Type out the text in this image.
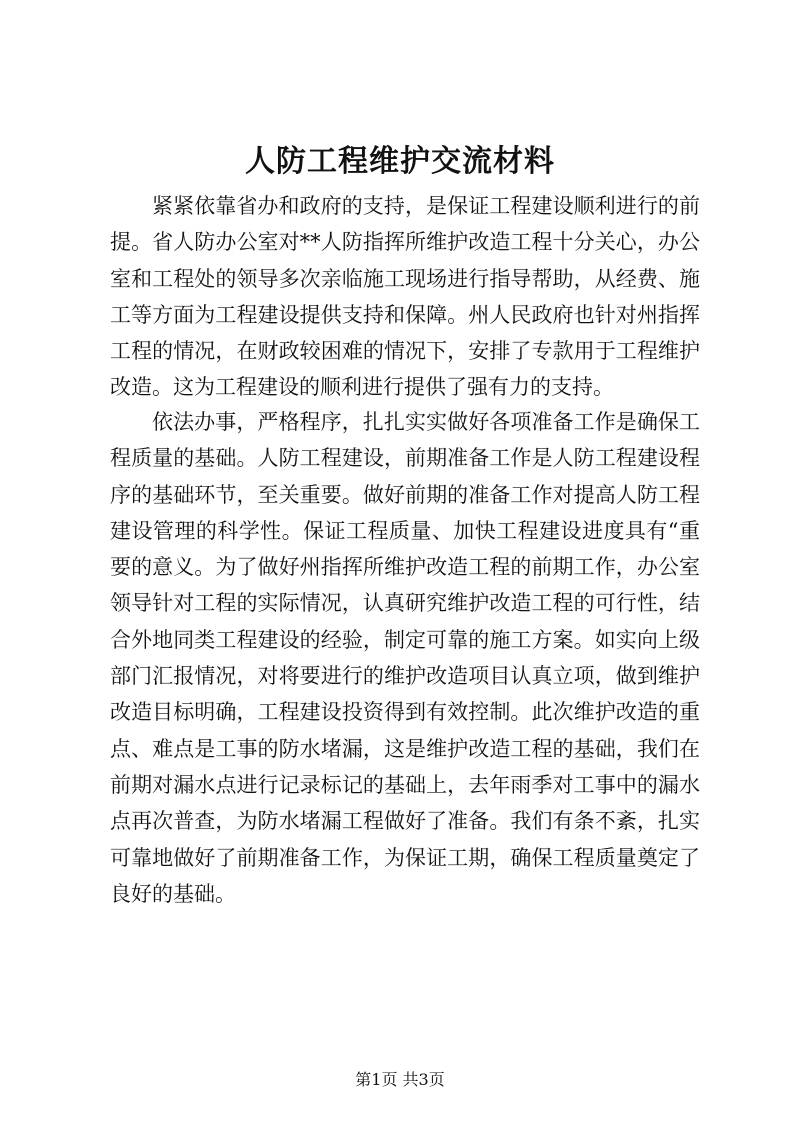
人防工程维护交流材料

紧紧依靠省办和政府的支持，是保证工程建设顺利进行的前提。省人防办公室对**人防指挥所维护改造工程十分关心，办公室和工程处的领导多次亲临施工现场进行指导帮助，从经费、施工等方面为工程建设提供支持和保障。州人民政府也针对州指挥工程的情况，在财政较困难的情况下，安排了专款用于工程维护改造。这为工程建设的顺利进行提供了强有力的支持。

依法办事，严格程序，扎扎实实做好各项准备工作是确保工程质量的基础。人防工程建设，前期准备工作是人防工程建设程序的基础环节，至关重要。做好前期的准备工作对提高人防工程建设管理的科学性。保证工程质量、加快工程建设进度具有“重要的意义。为了做好州指挥所维护改造工程的前期工作，办公室领导针对工程的实际情况，认真研究维护改造工程的可行性，结合外地同类工程建设的经验，制定可靠的施工方案。如实向上级部门汇报情况，对将要进行的维护改造项目认真立项，做到维护改造目标明确，工程建设投资得到有效控制。此次维护改造的重点、难点是工事的防水堵漏，这是维护改造工程的基础，我们在前期对漏水点进行记录标记的基础上，去年雨季对工事中的漏水点再次普查，为防水堵漏工程做好了准备。我们有条不紊，扎实可靠地做好了前期准备工作，为保证工期，确保工程质量奠定了良好的基础。

第1页 共3页
